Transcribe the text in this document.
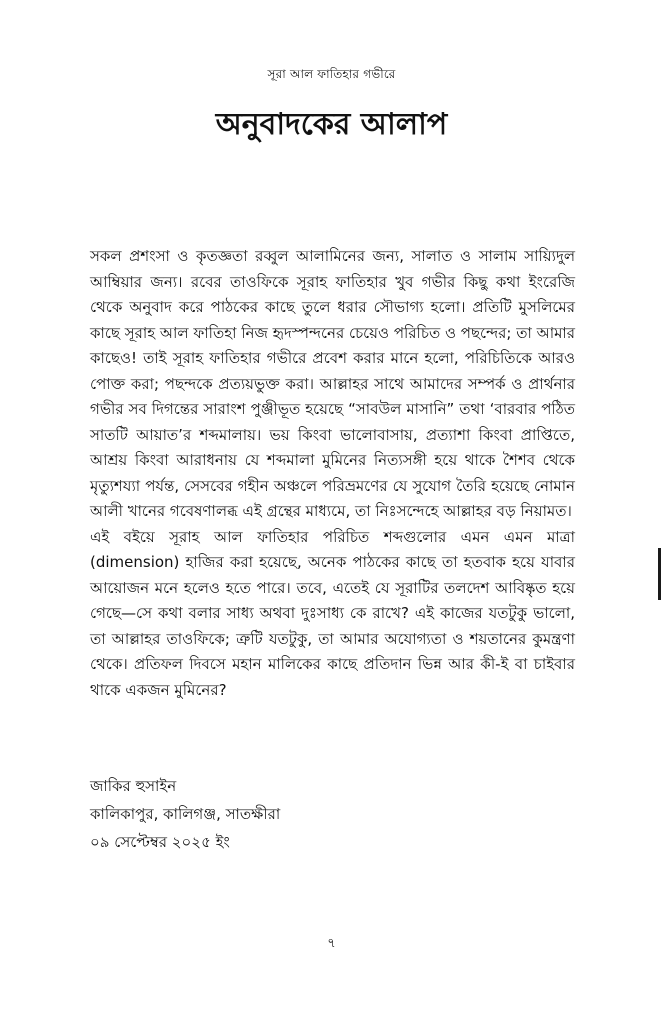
সূরা আল ফাতিহার গভীরে
অনুবাদকের আলাপ

সকল প্রশংসা ও কৃতজ্ঞতা রব্বুল আলামিনের জন্য, সালাত ও সালাম সায়্যিদুল আম্বিয়ার জন্য। রবের তাওফিকে সূরাহ ফাতিহার খুব গভীর কিছু কথা ইংরেজি থেকে অনুবাদ করে পাঠকের কাছে তুলে ধরার সৌভাগ্য হলো। প্রতিটি মুসলিমের কাছে সূরাহ আল ফাতিহা নিজ হৃদস্পন্দনের চেয়েও পরিচিত ও পছন্দের; তা আমার কাছেও! তাই সূরাহ ফাতিহার গভীরে প্রবেশ করার মানে হলো, পরিচিতিকে আরও পোক্ত করা; পছন্দকে প্রত্যয়ভুক্ত করা। আল্লাহর সাথে আমাদের সম্পর্ক ও প্রার্থনার গভীর সব দিগন্তের সারাংশ পুঞ্জীভূত হয়েছে “সাবউল মাসানি” তথা ‘বারবার পঠিত সাতটি আয়াত’র শব্দমালায়। ভয় কিংবা ভালোবাসায়, প্রত্যাশা কিংবা প্রাপ্তিতে, আশ্রয় কিংবা আরাধনায় যে শব্দমালা মুমিনের নিত্যসঙ্গী হয়ে থাকে শৈশব থেকে মৃত্যুশয্যা পর্যন্ত, সেসবের গহীন অঞ্চলে পরিভ্রমণের যে সুযোগ তৈরি হয়েছে নোমান আলী খানের গবেষণালব্ধ এই গ্রন্থের মাধ্যমে, তা নিঃসন্দেহে আল্লাহর বড় নিয়ামত।

এই বইয়ে সূরাহ আল ফাতিহার পরিচিত শব্দগুলোর এমন এমন মাত্রা (dimension) হাজির করা হয়েছে, অনেক পাঠকের কাছে তা হতবাক হয়ে যাবার আয়োজন মনে হলেও হতে পারে। তবে, এতেই যে সূরাটির তলদেশ আবিষ্কৃত হয়ে গেছে—সে কথা বলার সাধ্য অথবা দুঃসাধ্য কে রাখে? এই কাজের যতটুকু ভালো, তা আল্লাহর তাওফিকে; ত্রুটি যতটুকু, তা আমার অযোগ্যতা ও শয়তানের কুমন্ত্রণা থেকে। প্রতিফল দিবসে মহান মালিকের কাছে প্রতিদান ভিন্ন আর কী-ই বা চাইবার থাকে একজন মুমিনের?

জাকির হুসাইন
কালিকাপুর, কালিগঞ্জ, সাতক্ষীরা
০৯ সেপ্টেম্বর ২০২৫ ইং
৭
